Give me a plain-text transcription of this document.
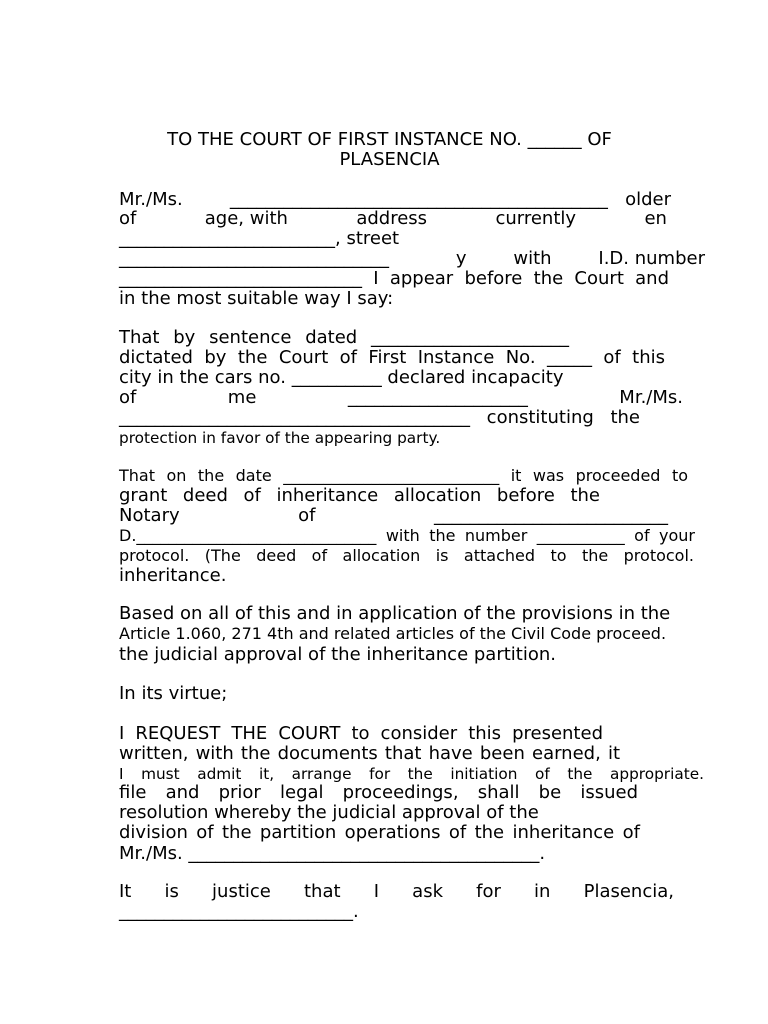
TO THE COURT OF FIRST INSTANCE NO. ______ OF
PLASENCIA
Mr./Ms.	__________________________________________ older
of	age, with	address	currently	en
________________________, street
______________________________	y	with	I.D. number
___________________________ I appear before the Court and
in the most suitable way I say:
That by sentence dated ______________________
dictated by the Court of First Instance No. _____ of this
city in the cars no. __________ declared incapacity
of me ____________________ Mr./Ms.
_______________________________________ constituting the
protection in favor of the appearing party.
That on the date ___________________________ it was proceeded to
grant deed of inheritance allocation before the
Notary of __________________________
D.______________________________ with the number ___________ of your
protocol. (The deed of allocation is attached to the protocol.
inheritance.
Based on all of this and in application of the provisions in the
Article 1.060, 271 4th and related articles of the Civil Code proceed.
the judicial approval of the inheritance partition.
In its virtue;
I REQUEST THE COURT to consider this presented
written, with the documents that have been earned, it
I must admit it, arrange for the initiation of the appropriate.
file and prior legal proceedings, shall be issued
resolution whereby the judicial approval of the
division of the partition operations of the inheritance of
Mr./Ms. _______________________________________.
It is justice that I ask for in Plasencia,
__________________________.
